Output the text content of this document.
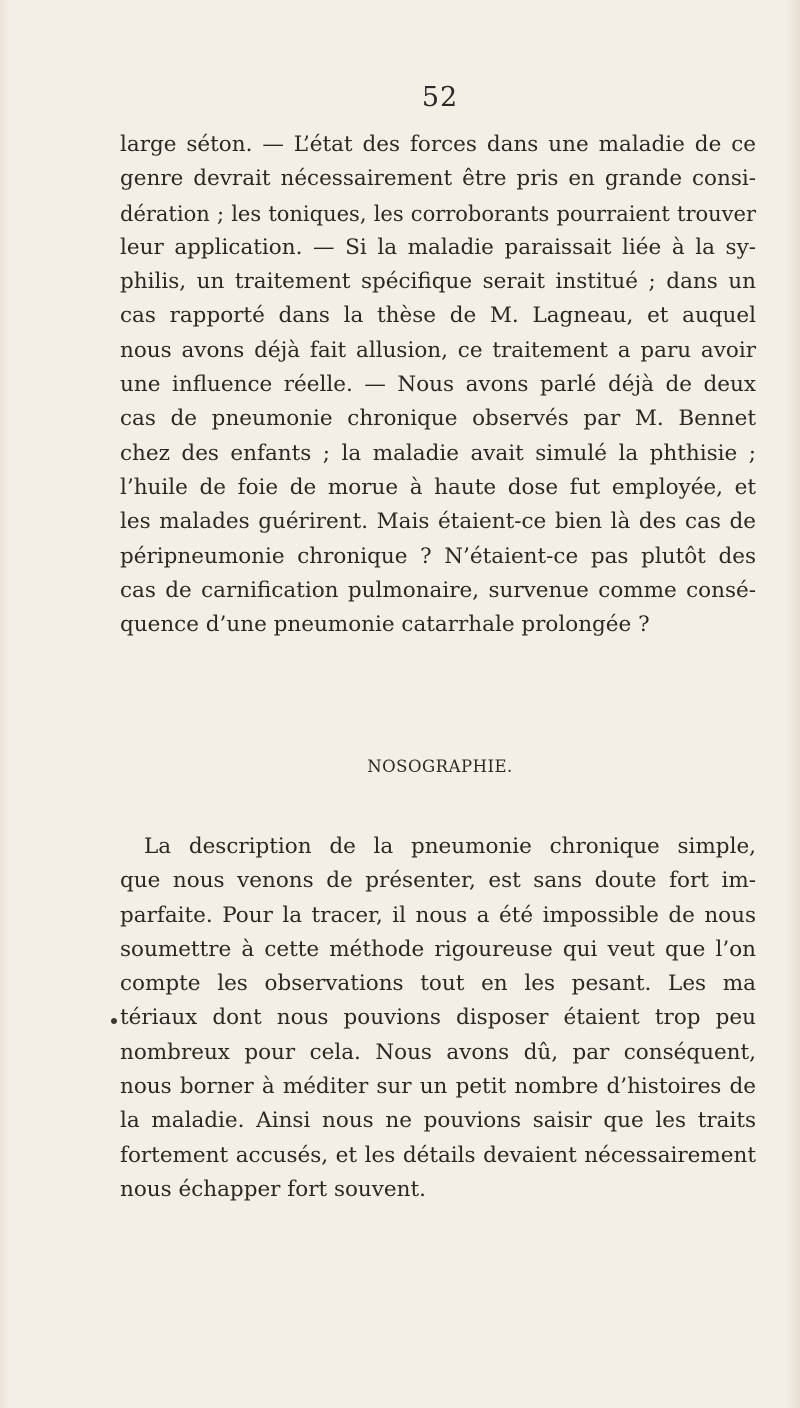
52
large séton. — L’état des forces dans une maladie de ce
genre devrait nécessairement être pris en grande consi-
dération ; les toniques, les corroborants pourraient trouver
leur application. — Si la maladie paraissait liée à la sy-
philis, un traitement spécifique serait institué ; dans un
cas rapporté dans la thèse de M. Lagneau, et auquel
nous avons déjà fait allusion, ce traitement a paru avoir
une influence réelle. — Nous avons parlé déjà de deux
cas de pneumonie chronique observés par M. Bennet
chez des enfants ; la maladie avait simulé la phthisie ;
l’huile de foie de morue à haute dose fut employée, et
les malades guérirent. Mais étaient-ce bien là des cas de
péripneumonie chronique ? N’étaient-ce pas plutôt des
cas de carnification pulmonaire, survenue comme consé-
quence d’une pneumonie catarrhale prolongée ?
NOSOGRAPHIE.
La description de la pneumonie chronique simple,
que nous venons de présenter, est sans doute fort im-
parfaite. Pour la tracer, il nous a été impossible de nous
soumettre à cette méthode rigoureuse qui veut que l’on
compte les observations tout en les pesant. Les ma
tériaux dont nous pouvions disposer étaient trop peu
nombreux pour cela. Nous avons dû, par conséquent,
nous borner à méditer sur un petit nombre d’histoires de
la maladie. Ainsi nous ne pouvions saisir que les traits
fortement accusés, et les détails devaient nécessairement
nous échapper fort souvent.
